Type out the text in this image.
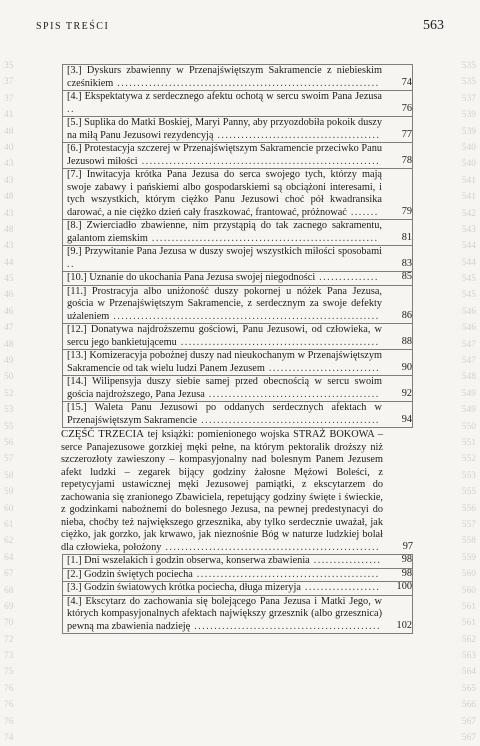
SPIS TREŚCI	563
35
37
37
41
48
40
43
43
48
43
48
43
44
45
46
46
47
48
49
50
52
53
55
56
57
58
59
60
61
62
64
67
68
69
70
72
73
75
76
76
76
74
535
535
537
539
539
540
540
541
541
542
543
544
544
545
545
546
546
547
547
548
549
549
550
551
552
553
555
556
557
558
559
560
560
561
561
562
563
564
565
566
567
567
[3.] Dyskurs zbawienny w Przenajświętszym Sakramencie z niebieskim cześnikiem ..................................................................	74
[4.] Ekspektatywa z serdecznego afektu ochotą w sercu swoim Pana Jezusa ..	76
[5.] Suplika do Matki Boskiej, Maryi Panny, aby przyozdobiła pokoik duszy na miłą Panu Jezusowi rezydencyją .........................................	77
[6.] Protestacyja szczerej w Przenajświętszym Sakramencie przeciwko Panu Jezusowi miłości ............................................................	78
[7.] Inwitacyja krótka Pana Jezusa do serca swojego tych, którzy mają swoje zabawy i pańskiemi albo gospodarskiemi są obciążoni interesami, i tych wszystkich, którym ciężko Panu Jezusowi choć pół kwadransika darować, a nie ciężko dzień cały fraszkować, frantować, próżnować .......	79
[8.] Zwierciadło zbawienne, nim przystąpią do tak zacnego sakramentu, galantom ziemskim .........................................................	81
[9.] Przywitanie Pana Jezusa w duszy swojej wszystkich miłości sposobami ..	83
[10.] Uznanie do ukochania Pana Jezusa swojej niegodności ...............	85
[11.] Prostracyja albo uniżoność duszy pokornej u nóżek Pana Jezusa, gościa w Przenajświętszym Sakramencie, z serdecznym za swoje defekty użaleniem ...................................................................	86
[12.] Donatywa najdroższemu gościowi, Panu Jezusowi, od człowieka, w sercu jego bankietującemu ..................................................	88
[13.] Komizeracyja pobożnej duszy nad nieukochanym w Przenajświętszym Sakramencie od tak wielu ludzi Panem Jezusem ............................	90
[14.] Wilipensyja duszy siebie samej przed obecnością w sercu swoim gościa najdroższego, Pana Jezusa ...........................................	92
[15.] Waleta Panu Jezusowi po oddanych serdecznych afektach w Przenajświętszym Sakramencie .............................................	94
CZĘŚĆ TRZECIA tej książki: pomienionego wojska STRAŻ BOKOWA – serce Panajezusowe gorzkiej męki pełne, na którym pektoralik droższy niż szczerozłoty zawieszony – kompasyjonalny nad bolesnym Panem Jezusem afekt ludzki – zegarek bijący godziny żałosne Mężowi Boleści, z repetycyjami ustawicznej męki Jezusowej pamiątki, z ekscytarzem do zachowania się zranionego Zbawiciela, repetujący godziny święte i świeckie, z godzinkami nabożnemi do bolesnego Jezusa, na pewnej predestynacyi do nieba, choćby też największego grzesznika, aby tylko serdecznie uważał, jak ciężko, jak gorzko, jak krwawo, jak nieznośnie Bóg w naturze ludzkiej bolał dla człowieka, położony ......................................................	97
[1.] Dni wszelakich i godzin obserwa, konserwa zbawienia .................	98
[2.] Godzin świętych pociecha ..............................................	98
[3.] Godzin światowych krótka pociecha, długa mizeryja ...................	100
[4.] Ekscytarz do zachowania się bolejącego Pana Jezusa i Matki Jego, w których kompasyjonalnych afektach największy grzesznik (albo grzesznica) pewną ma zbawienia nadzieję ...............................................	102
